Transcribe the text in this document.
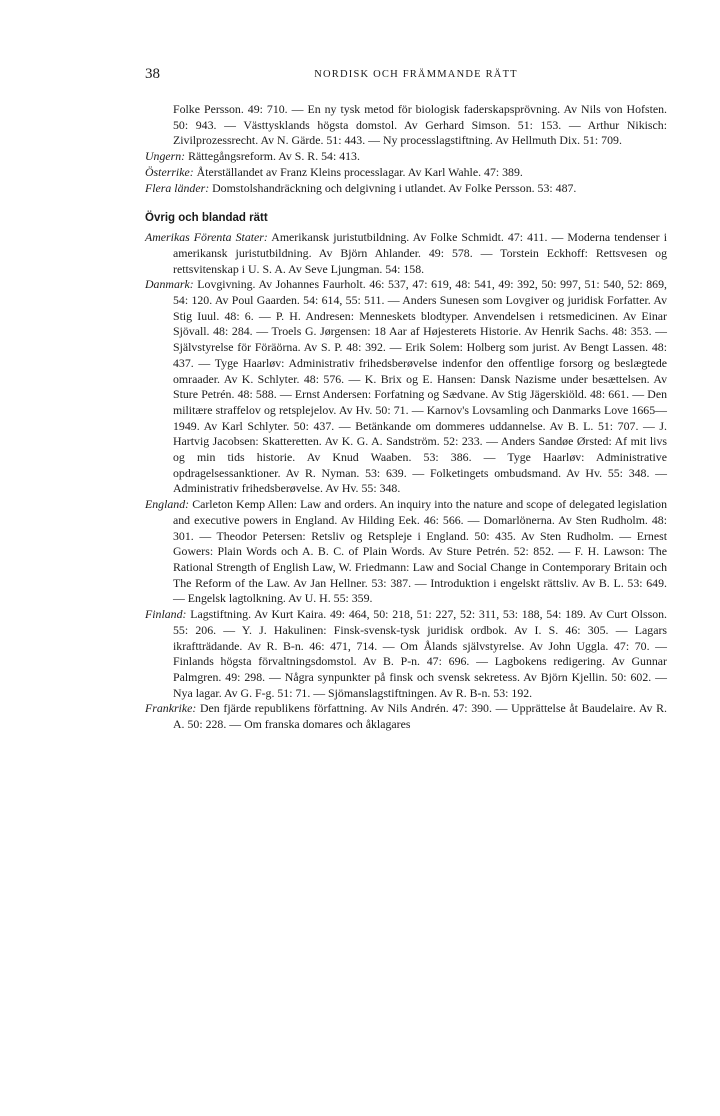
38	NORDISK OCH FRÄMMANDE RÄTT

Folke Persson. 49: 710. — En ny tysk metod för biologisk faderskapsprövning. Av Nils von Hofsten. 50: 943. — Västtysklands högsta domstol. Av Gerhard Simson. 51: 153. — Arthur Nikisch: Zivilprozessrecht. Av N. Gärde. 51: 443. — Ny processlagstiftning. Av Hellmuth Dix. 51: 709.

Ungern: Rättegångsreform. Av S. R. 54: 413.

Österrike: Återställandet av Franz Kleins processlagar. Av Karl Wahle. 47: 389.

Flera länder: Domstolshandräckning och delgivning i utlandet. Av Folke Persson. 53: 487.

Övrig och blandad rätt

Amerikas Förenta Stater: Amerikansk juristutbildning. Av Folke Schmidt. 47: 411. — Moderna tendenser i amerikansk juristutbildning. Av Björn Ahlander. 49: 578. — Torstein Eckhoff: Rettsvesen og rettsvitenskap i U. S. A. Av Seve Ljungman. 54: 158.

Danmark: Lovgivning. Av Johannes Faurholt. 46: 537, 47: 619, 48: 541, 49: 392, 50: 997, 51: 540, 52: 869, 54: 120. Av Poul Gaarden. 54: 614, 55: 511. — Anders Sunesen som Lovgiver og juridisk Forfatter. Av Stig Iuul. 48: 6. — P. H. Andresen: Menneskets blodtyper. Anvendelsen i retsmedicinen. Av Einar Sjövall. 48: 284. — Troels G. Jørgensen: 18 Aar af Højesterets Historie. Av Henrik Sachs. 48: 353. — Självstyrelse för Föräörna. Av S. P. 48: 392. — Erik Solem: Holberg som jurist. Av Bengt Lassen. 48: 437. — Tyge Haarløv: Administrativ frihedsberøvelse indenfor den offentlige forsorg og beslægtede omraader. Av K. Schlyter. 48: 576. — K. Brix og E. Hansen: Dansk Nazisme under besættelsen. Av Sture Petrén. 48: 588. — Ernst Andersen: Forfatning og Sædvane. Av Stig Jägerskiöld. 48: 661. — Den militære straffelov og retsplejelov. Av Hv. 50: 71. — Karnov's Lovsamling och Danmarks Love 1665—1949. Av Karl Schlyter. 50: 437. — Betänkande om dommeres uddannelse. Av B. L. 51: 707. — J. Hartvig Jacobsen: Skatteretten. Av K. G. A. Sandström. 52: 233. — Anders Sandøe Ørsted: Af mit livs og min tids historie. Av Knud Waaben. 53: 386. — Tyge Haarløv: Administrative opdragelsessanktioner. Av R. Nyman. 53: 639. — Folketingets ombudsmand. Av Hv. 55: 348. — Administrativ frihedsberøvelse. Av Hv. 55: 348.

England: Carleton Kemp Allen: Law and orders. An inquiry into the nature and scope of delegated legislation and executive powers in England. Av Hilding Eek. 46: 566. — Domarlönerna. Av Sten Rudholm. 48: 301. — Theodor Petersen: Retsliv og Retspleje i England. 50: 435. Av Sten Rudholm. — Ernest Gowers: Plain Words och A. B. C. of Plain Words. Av Sture Petrén. 52: 852. — F. H. Lawson: The Rational Strength of English Law, W. Friedmann: Law and Social Change in Contemporary Britain och The Reform of the Law. Av Jan Hellner. 53: 387. — Introduktion i engelskt rättsliv. Av B. L. 53: 649. — Engelsk lagtolkning. Av U. H. 55: 359.

Finland: Lagstiftning. Av Kurt Kaira. 49: 464, 50: 218, 51: 227, 52: 311, 53: 188, 54: 189. Av Curt Olsson. 55: 206. — Y. J. Hakulinen: Finsk-svensk-tysk juridisk ordbok. Av I. S. 46: 305. — Lagars ikraftträdande. Av R. B-n. 46: 471, 714. — Om Ålands självstyrelse. Av John Uggla. 47: 70. — Finlands högsta förvaltningsdomstol. Av B. P-n. 47: 696. — Lagbokens redigering. Av Gunnar Palmgren. 49: 298. — Några synpunkter på finsk och svensk sekretess. Av Björn Kjellin. 50: 602. — Nya lagar. Av G. F-g. 51: 71. — Sjömanslagstiftningen. Av R. B-n. 53: 192.

Frankrike: Den fjärde republikens författning. Av Nils Andrén. 47: 390. — Upprättelse åt Baudelaire. Av R. A. 50: 228. — Om franska domares och åklagares
